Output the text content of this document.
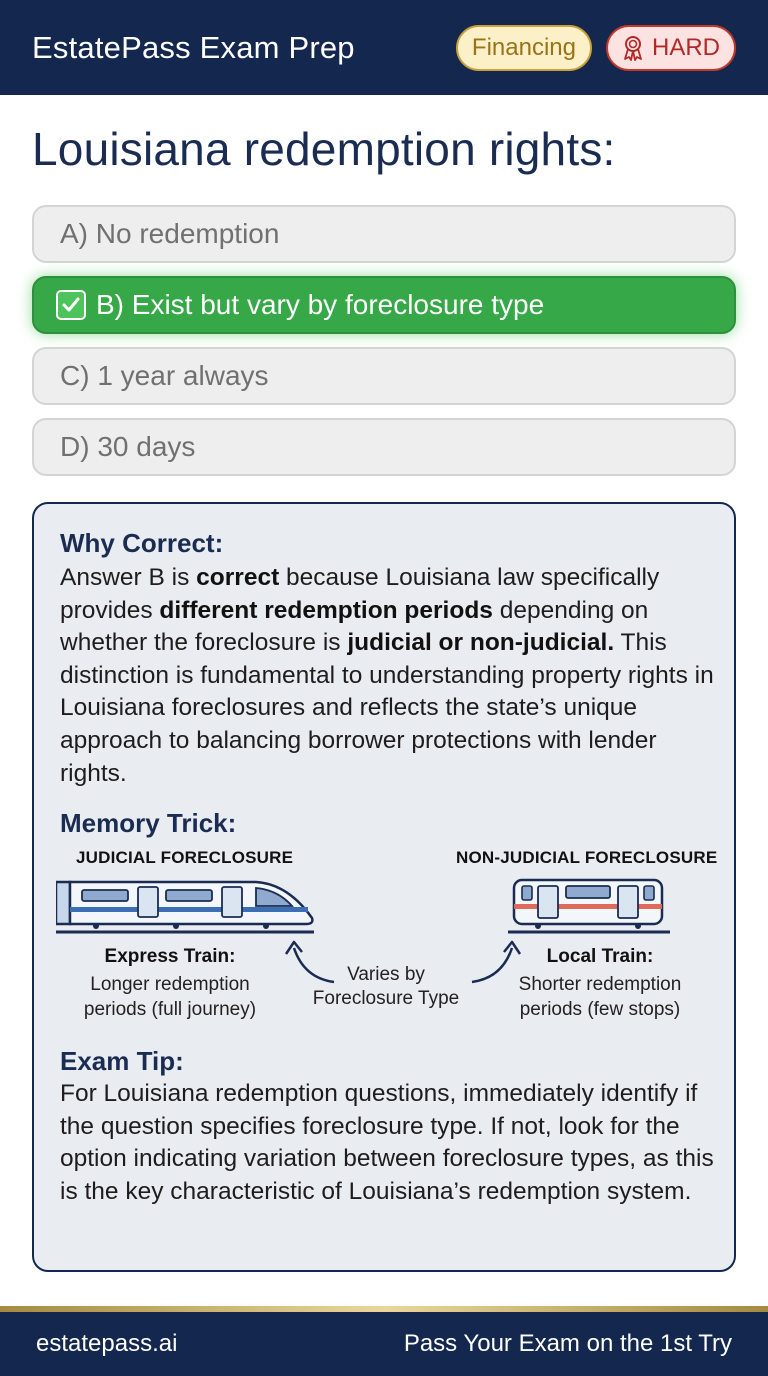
EstatePass Exam Prep	Financing	HARD
Louisiana redemption rights:
A) No redemption
B) Exist but vary by foreclosure type
C) 1 year always
D) 30 days
Why Correct:
Answer B is correct because Louisiana law specifically provides different redemption periods depending on whether the foreclosure is judicial or non-judicial. This distinction is fundamental to understanding property rights in Louisiana foreclosures and reflects the state’s unique approach to balancing borrower protections with lender rights.
Memory Trick:
JUDICIAL FORECLOSURE	NON-JUDICIAL FORECLOSURE
Express Train:
Longer redemption
periods (full journey)
Varies by
Foreclosure Type
Local Train:
Shorter redemption
periods (few stops)
Exam Tip:
For Louisiana redemption questions, immediately identify if the question specifies foreclosure type. If not, look for the option indicating variation between foreclosure types, as this is the key characteristic of Louisiana’s redemption system.
estatepass.ai	Pass Your Exam on the 1st Try
